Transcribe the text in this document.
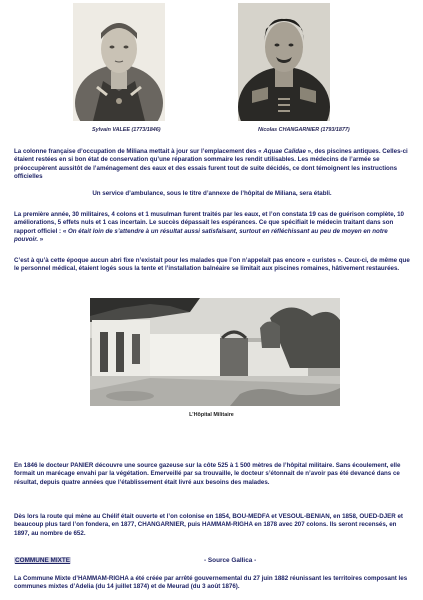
Sylvain VALEE (1773/1846)	Nicolas CHANGARNIER (1793/1877)

La colonne française d’occupation de Miliana mettait à jour sur l’emplacement des « Aquae Calidae », des piscines antiques. Celles-ci étaient restées en si bon état de conservation qu’une réparation sommaire les rendit utilisables. Les médecins de l’armée se préoccupèrent aussitôt de l’aménagement des eaux et des essais furent tout de suite décidés, ce dont témoignent les instructions officielles

Un service d’ambulance, sous le titre d’annexe de l’hôpital de Miliana, sera établi.

La première année, 30 militaires, 4 colons et 1 musulman furent traités par les eaux, et l’on constata 19 cas de guérison complète, 10 améliorations, 5 effets nuls et 1 cas incertain. Le succès dépassait les espérances. Ce que spécifiait le médecin traitant dans son rapport officiel : « On était loin de s’attendre à un résultat aussi satisfaisant, surtout en réfléchissant au peu de moyen en notre pouvoir. »

C’est à qu’à cette époque aucun abri fixe n’existait pour les malades que l’on n’appelait pas encore « curistes ». Ceux-ci, de même que le personnel médical, étaient logés sous la tente et l’installation balnéaire se limitait aux piscines romaines, hâtivement restaurées.

L’Hôpital Militaire

En 1846 le docteur PANIER découvre une source gazeuse sur la côte 525 à 1 500 mètres de l’hôpital militaire. Sans écoulement, elle formait un marécage envahi par la végétation. Emerveillé par sa trouvaille, le docteur s’étonnait de n’avoir pas été devancé dans ce résultat, depuis quatre années que l’établissement était livré aux besoins des malades.

Dès lors la route qui mène au Chélif était ouverte et l’on colonise en 1854, BOU-MEDFA et VESOUL-BENIAN, en 1858, OUED-DJER et beaucoup plus tard l’on fondera, en 1877, CHANGARNIER, puis HAMMAM-RIGHA en 1878 avec 207 colons. Ils seront recensés, en 1897, au nombre de 652.

COMMUNE MIXTE	- Source Gallica -

La Commune Mixte d’HAMMAM-RIGHA a été créée par arrêté gouvernemental du 27 juin 1882 réunissant les territoires composant les communes mixtes d’Adelia (du 14 juillet 1874) et de Meurad (du 3 août 1876).
